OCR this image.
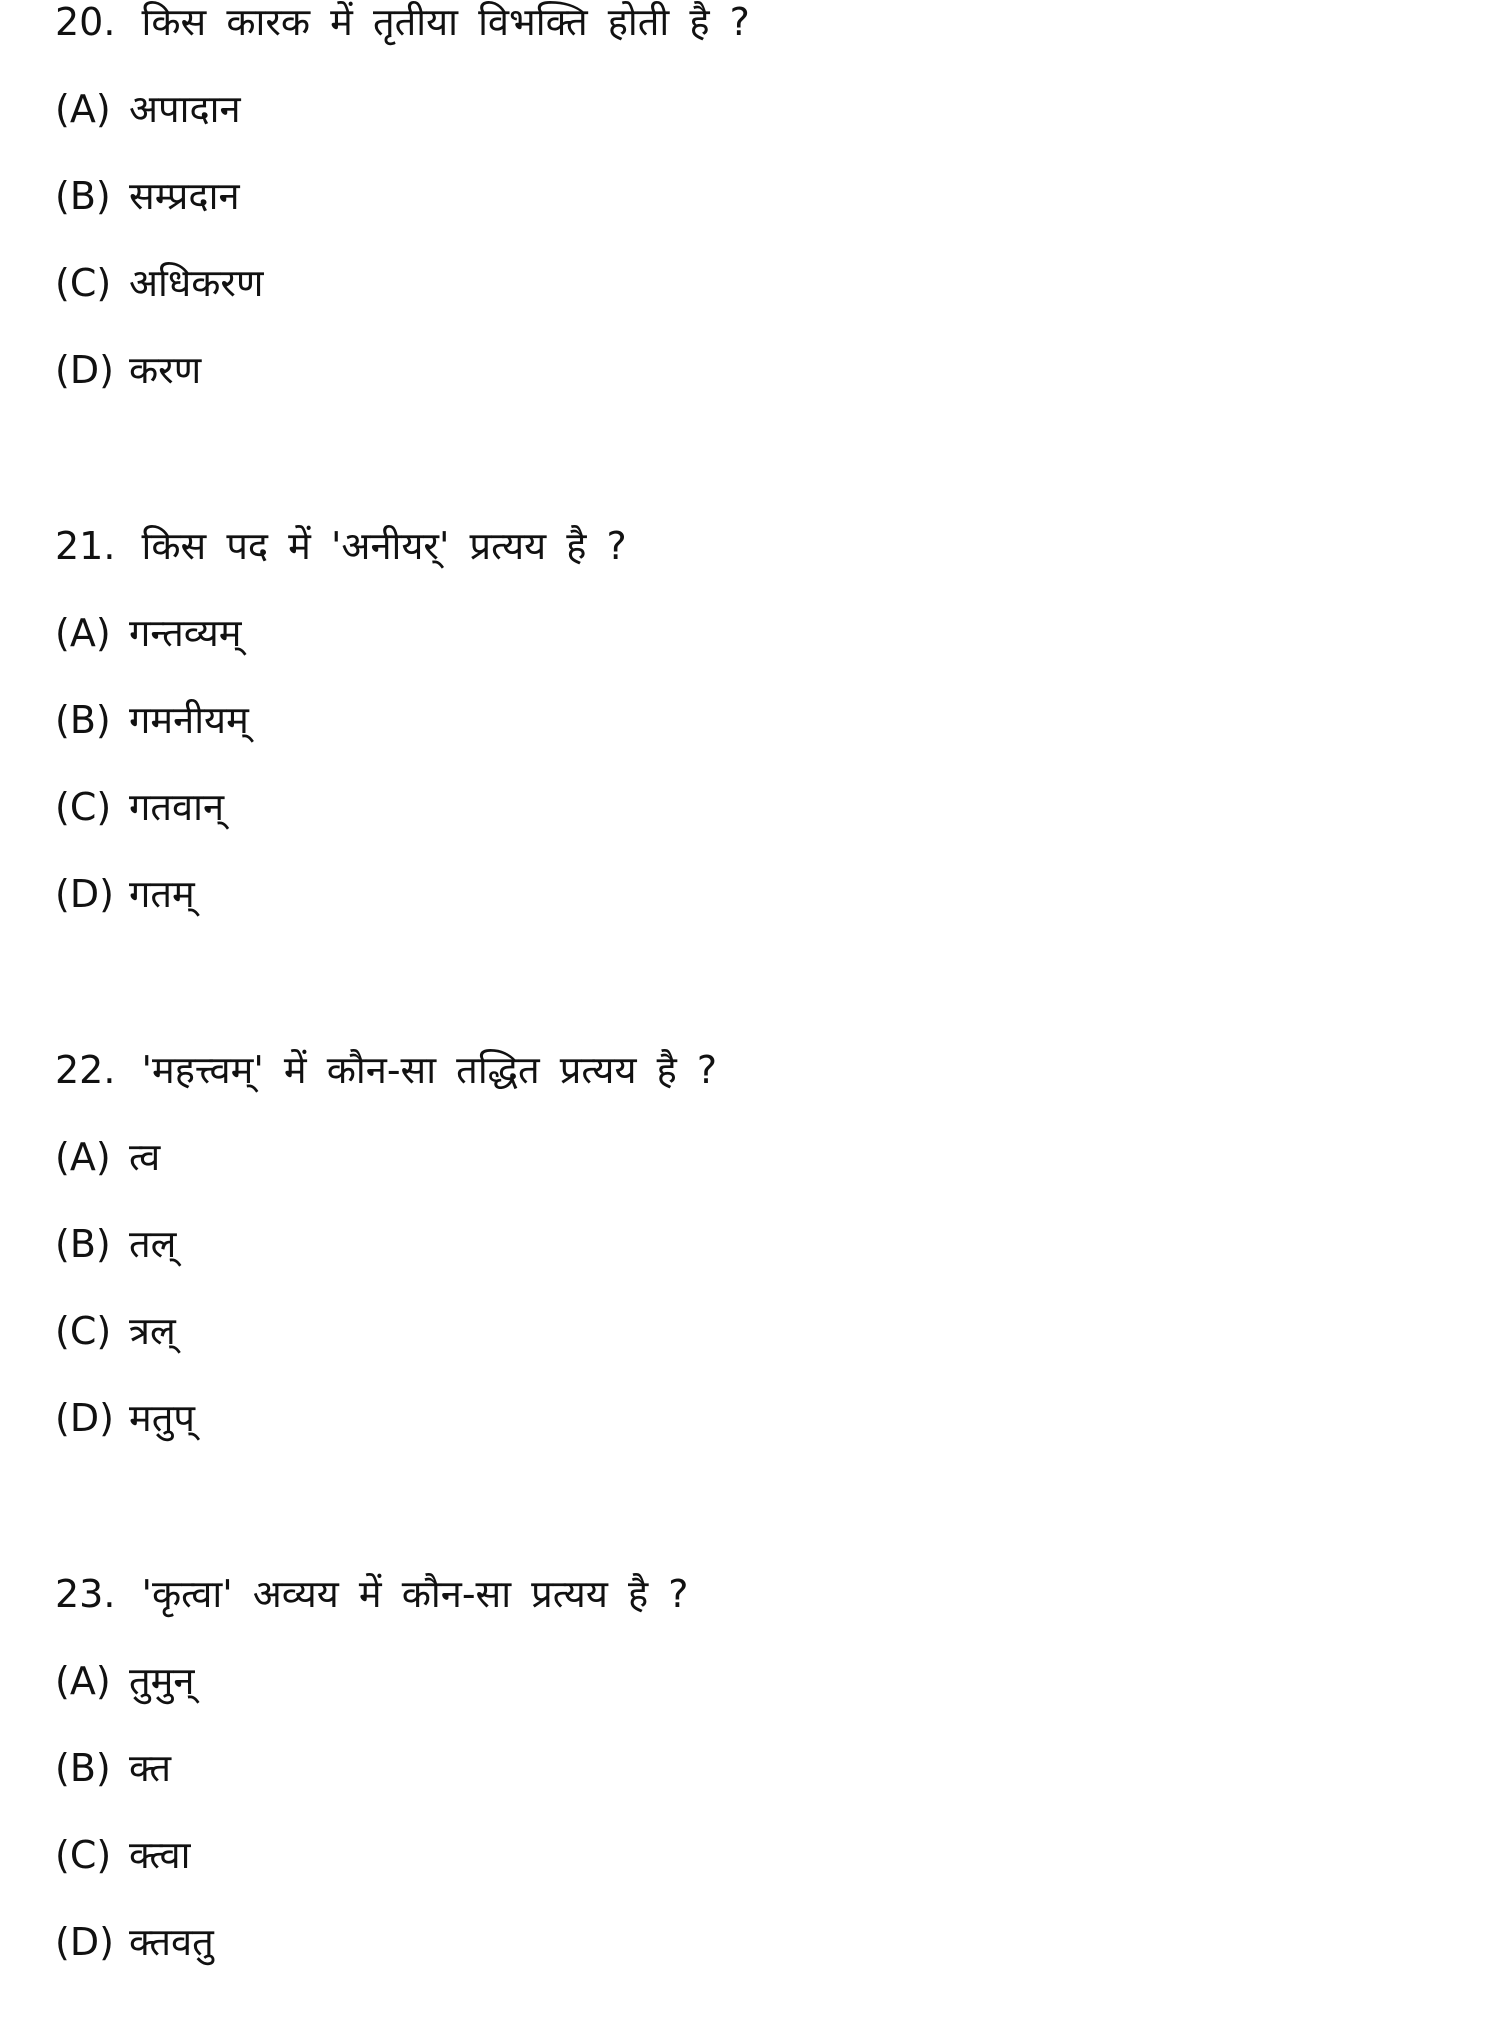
20. किस कारक में तृतीया विभक्ति होती है ?
(A) अपादान
(B) सम्प्रदान
(C) अधिकरण
(D) करण
21. किस पद में 'अनीयर्' प्रत्यय है ?
(A) गन्तव्यम्
(B) गमनीयम्
(C) गतवान्
(D) गतम्
22. 'महत्त्वम्' में कौन-सा तद्धित प्रत्यय है ?
(A) त्व
(B) तल्
(C) त्रल्
(D) मतुप्
23. 'कृत्वा' अव्यय में कौन-सा प्रत्यय है ?
(A) तुमुन्
(B) क्त
(C) क्त्वा
(D) क्तवतु
